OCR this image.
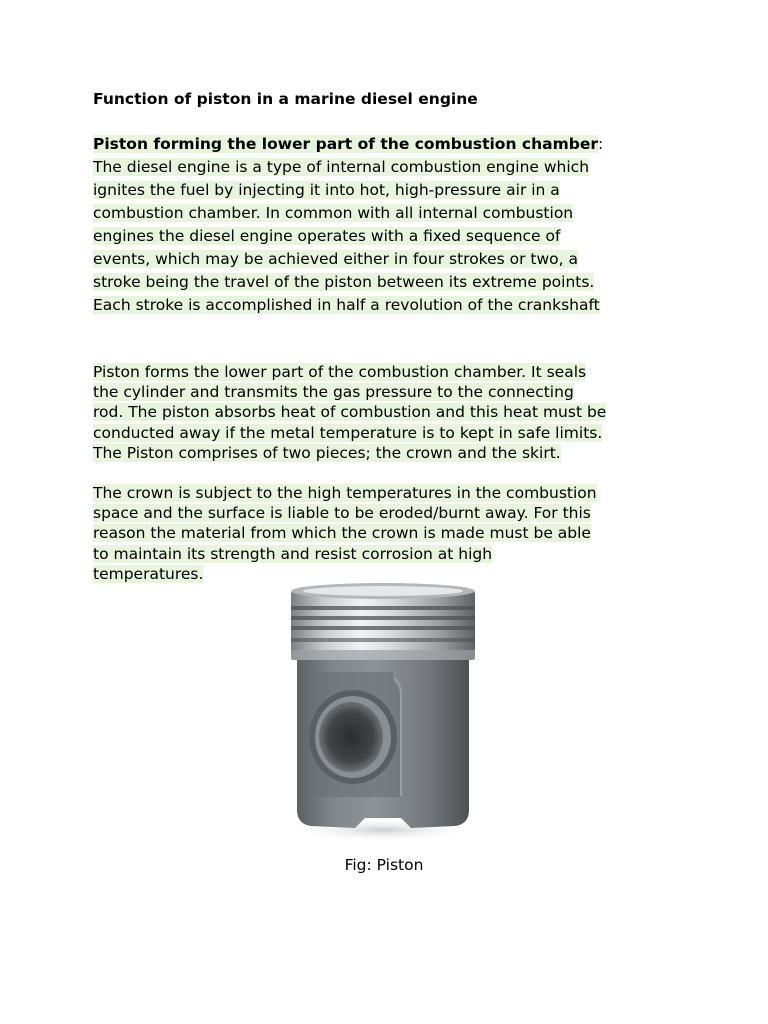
Function of piston in a marine diesel engine
Piston forming the lower part of the combustion chamber:
The diesel engine is a type of internal combustion engine which
ignites the fuel by injecting it into hot, high-pressure air in a
combustion chamber. In common with all internal combustion
engines the diesel engine operates with a fixed sequence of
events, which may be achieved either in four strokes or two, a
stroke being the travel of the piston between its extreme points.
Each stroke is accomplished in half a revolution of the crankshaft
Piston forms the lower part of the combustion chamber. It seals
the cylinder and transmits the gas pressure to the connecting
rod. The piston absorbs heat of combustion and this heat must be
conducted away if the metal temperature is to kept in safe limits.
The Piston comprises of two pieces; the crown and the skirt.
The crown is subject to the high temperatures in the combustion
space and the surface is liable to be eroded/burnt away. For this
reason the material from which the crown is made must be able
to maintain its strength and resist corrosion at high
temperatures.

Fig: Piston
